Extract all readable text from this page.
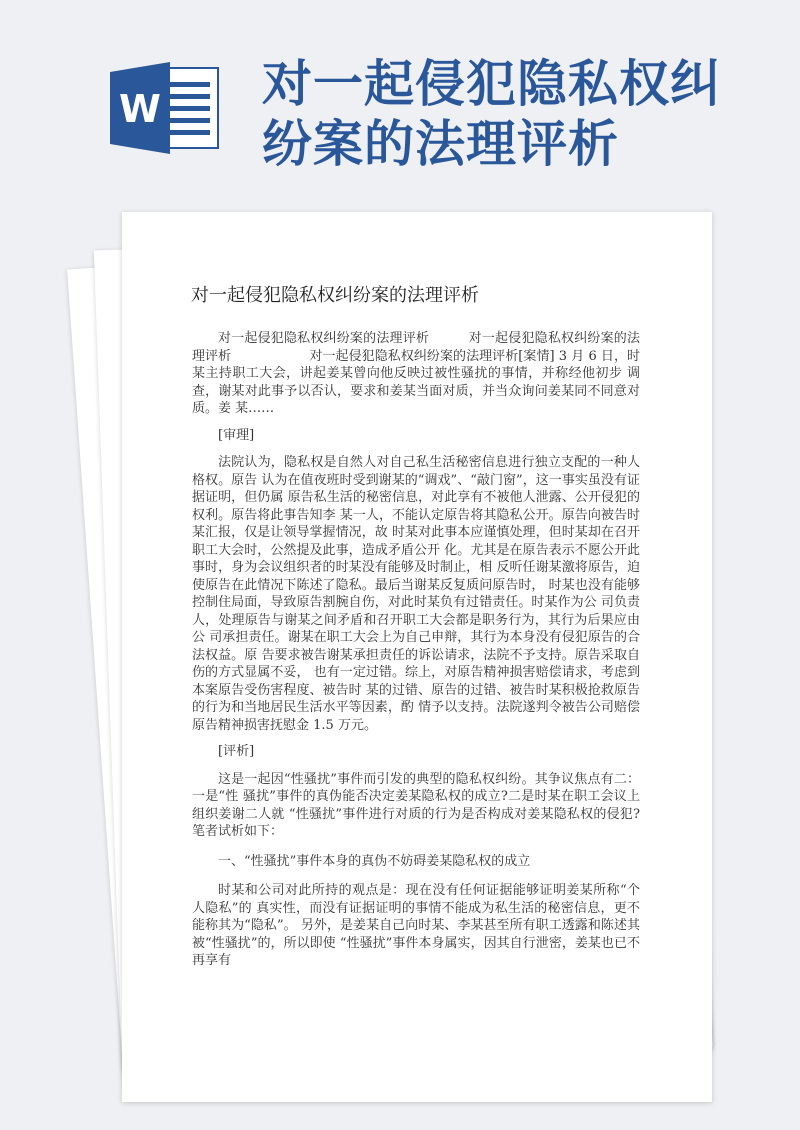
W 对一起侵犯隐私权纠纷案的法理评析
对一起侵犯隐私权纠纷案的法理评析

对一起侵犯隐私权纠纷案的法理评析　　　对一起侵犯隐私权纠纷案的法理评析　　　　　　对一起侵犯隐私权纠纷案的法理评析[案情] 3 月 6 日，时某主持职工大会，讲起姜某曾向他反映过被性骚扰的事情，并称经他初步 调查，谢某对此事予以否认，要求和姜某当面对质，并当众询问姜某同不同意对质。姜 某……

[审理]

法院认为，隐私权是自然人对自己私生活秘密信息进行独立支配的一种人格权。原告 认为在值夜班时受到谢某的“调戏”、“敲门窗”，这一事实虽没有证据证明，但仍属 原告私生活的秘密信息，对此享有不被他人泄露、公开侵犯的权利。原告将此事告知李 某一人，不能认定原告将其隐私公开。原告向被告时某汇报，仅是让领导掌握情况，故 时某对此事本应谨慎处理，但时某却在召开职工大会时，公然提及此事，造成矛盾公开 化。尤其是在原告表示不愿公开此事时，身为会议组织者的时某没有能够及时制止，相 反听任谢某激将原告，迫使原告在此情况下陈述了隐私。最后当谢某反复质问原告时， 时某也没有能够控制住局面，导致原告割腕自伤，对此时某负有过错责任。时某作为公 司负责人，处理原告与谢某之间矛盾和召开职工大会都是职务行为，其行为后果应由公 司承担责任。谢某在职工大会上为自己申辩，其行为本身没有侵犯原告的合法权益。原 告要求被告谢某承担责任的诉讼请求，法院不予支持。原告采取自伤的方式显属不妥， 也有一定过错。综上，对原告精神损害赔偿请求，考虑到本案原告受伤害程度、被告时 某的过错、原告的过错、被告时某积极抢救原告的行为和当地居民生活水平等因素，酌 情予以支持。法院遂判令被告公司赔偿原告精神损害抚慰金 1.5 万元。

[评析]

这是一起因“性骚扰”事件而引发的典型的隐私权纠纷。其争议焦点有二：一是“性 骚扰”事件的真伪能否决定姜某隐私权的成立?二是时某在职工会议上组织姜谢二人就 “性骚扰”事件进行对质的行为是否构成对姜某隐私权的侵犯?笔者试析如下：

一、“性骚扰”事件本身的真伪不妨碍姜某隐私权的成立

时某和公司对此所持的观点是：现在没有任何证据能够证明姜某所称“个人隐私”的 真实性，而没有证据证明的事情不能成为私生活的秘密信息，更不能称其为“隐私”。 另外，是姜某自己向时某、李某甚至所有职工透露和陈述其被“性骚扰”的，所以即使 “性骚扰”事件本身属实，因其自行泄密，姜某也已不再享有
